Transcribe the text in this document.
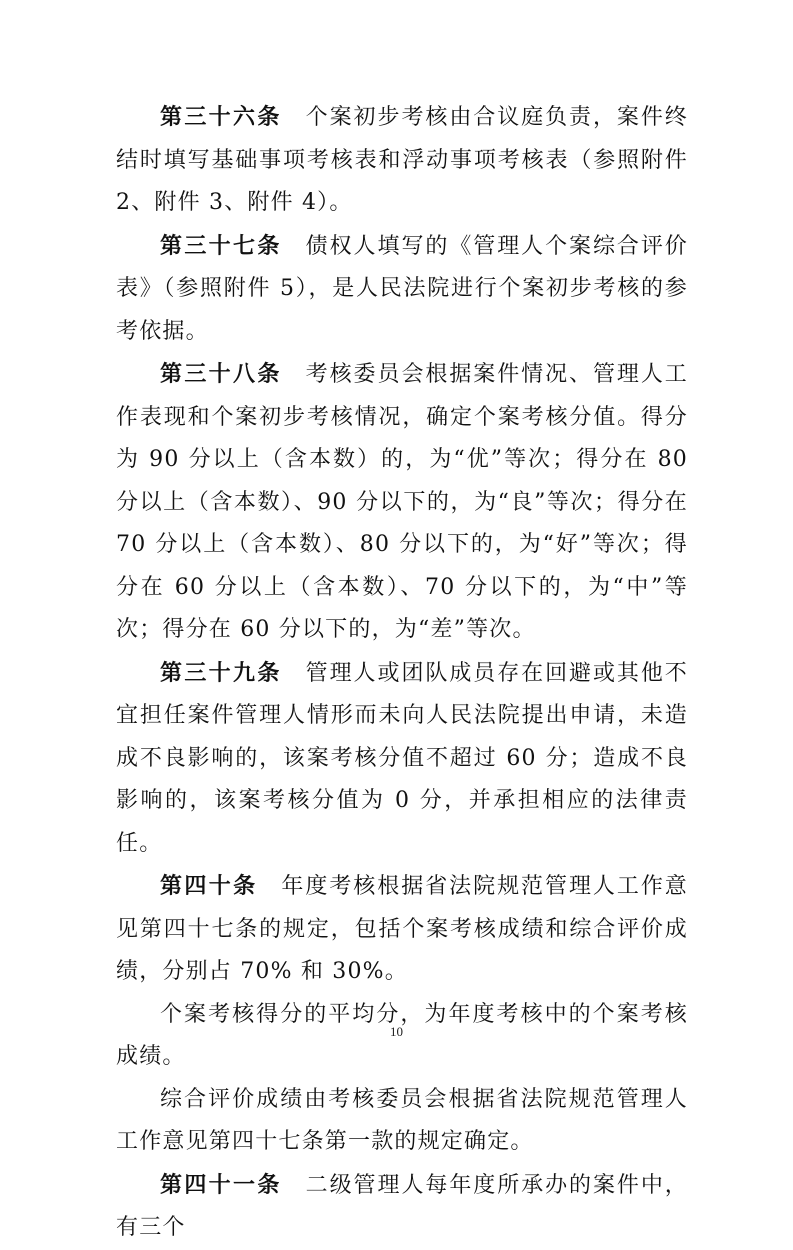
第三十六条　 个案初步考核由合议庭负责，案件终结时填写基础事项考核表和浮动事项考核表（参照附件 2、附件 3、附件 4）。

第三十七条　 债权人填写的《管理人个案综合评价表》（参照附件 5），是人民法院进行个案初步考核的参考依据。

第三十八条　 考核委员会根据案件情况、管理人工作表现和个案初步考核情况，确定个案考核分值。得分为 90 分以上（含本数）的，为“优”等次；得分在 80 分以上（含本数）、90 分以下的，为“良”等次；得分在 70 分以上（含本数）、80 分以下的，为“好”等次；得分在 60 分以上（含本数）、70 分以下的，为“中”等次；得分在 60 分以下的，为“差”等次。

第三十九条　 管理人或团队成员存在回避或其他不宜担任案件管理人情形而未向人民法院提出申请，未造成不良影响的，该案考核分值不超过 60 分；造成不良影响的，该案考核分值为 0 分，并承担相应的法律责任。

第四十条　 年度考核根据省法院规范管理人工作意见第四十七条的规定，包括个案考核成绩和综合评价成绩，分别占 70% 和 30%。

个案考核得分的平均分，为年度考核中的个案考核成绩。

综合评价成绩由考核委员会根据省法院规范管理人工作意见第四十七条第一款的规定确定。

第四十一条　 二级管理人每年度所承办的案件中，有三个

10
